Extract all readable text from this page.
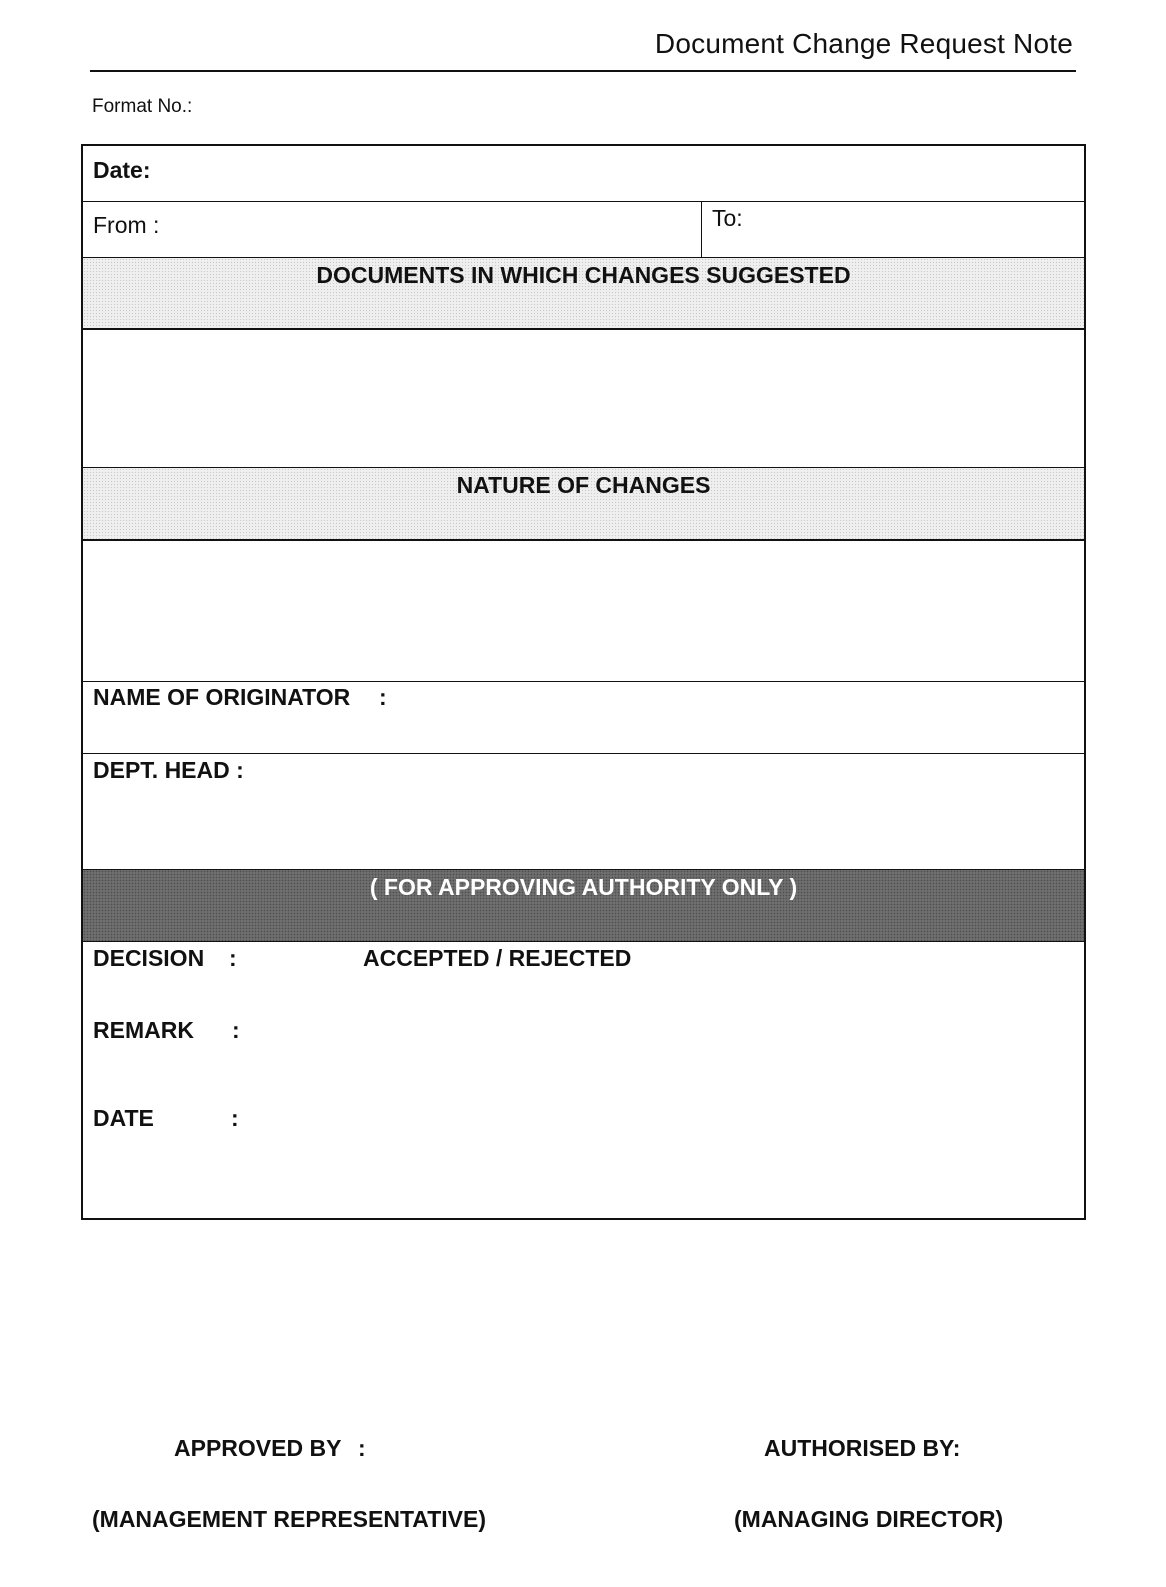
Document Change Request Note
Format No.:
Date:
From :	To:
DOCUMENTS IN WHICH CHANGES SUGGESTED
NATURE OF CHANGES
NAME OF ORIGINATOR :
DEPT. HEAD :
( FOR APPROVING AUTHORITY ONLY )
DECISION :	ACCEPTED / REJECTED
REMARK :
DATE	:
APPROVED BY :	AUTHORISED BY:
(MANAGEMENT REPRESENTATIVE)	(MANAGING DIRECTOR)
